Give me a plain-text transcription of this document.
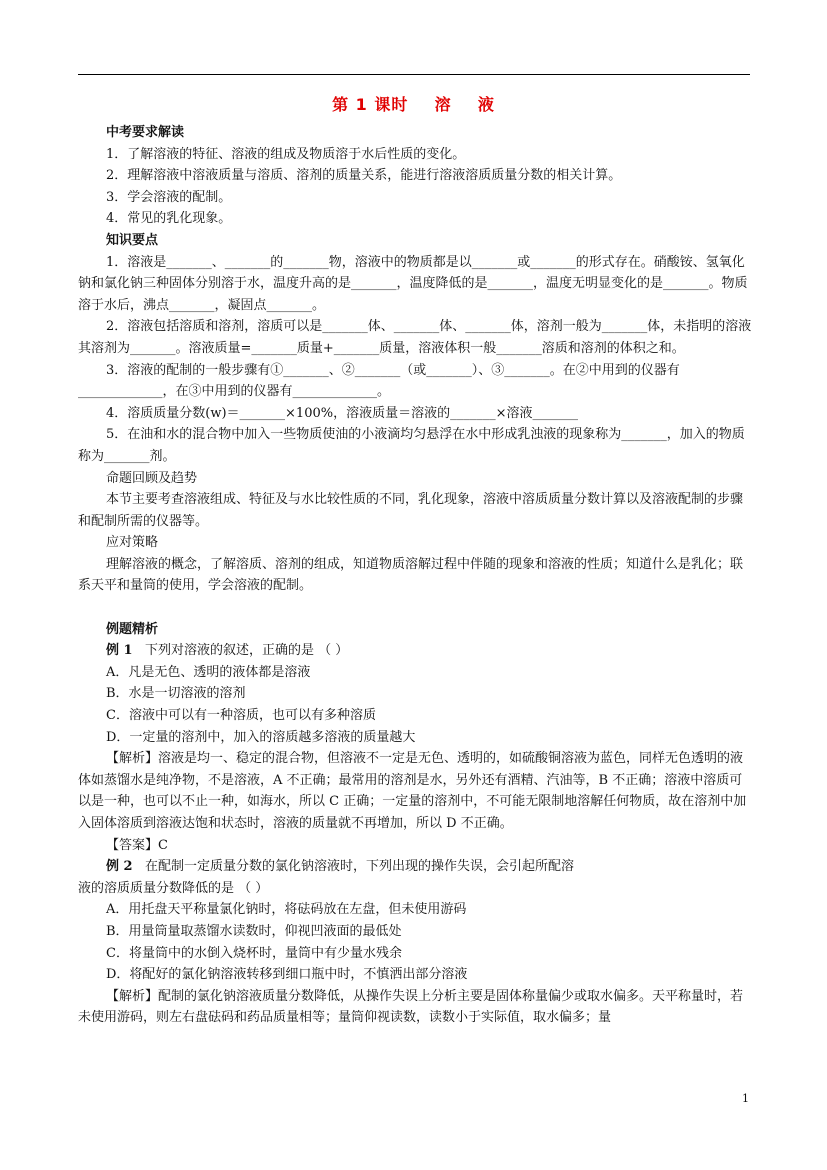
第 1 课时    溶    液

中考要求解读

1．了解溶液的特征、溶液的组成及物质溶于水后性质的变化。

2．理解溶液中溶液质量与溶质、溶剂的质量关系，能进行溶液溶质质量分数的相关计算。

3．学会溶液的配制。

4．常见的乳化现象。

知识要点

1．溶液是_______、_______的_______物，溶液中的物质都是以_______或_______的形式存在。硝酸铵、氢氧化钠和氯化钠三种固体分别溶于水，温度升高的是_______，温度降低的是_______，温度无明显变化的是_______。物质溶于水后，沸点_______，凝固点_______。

2．溶液包括溶质和溶剂，溶质可以是_______体、_______体、_______体，溶剂一般为_______体，未指明的溶液其溶剂为_______。溶液质量=_______质量+_______质量，溶液体积一般_______溶质和溶剂的体积之和。

3．溶液的配制的一般步骤有①_______、②_______（或_______）、③_______。在②中用到的仪器有_____________，在③中用到的仪器有_____________。

4．溶质质量分数(w)＝_______×100%，溶液质量＝溶液的_______×溶液_______

5．在油和水的混合物中加入一些物质使油的小液滴均匀悬浮在水中形成乳浊液的现象称为_______，加入的物质称为_______剂。

命题回顾及趋势

本节主要考查溶液组成、特征及与水比较性质的不同，乳化现象，溶液中溶质质量分数计算以及溶液配制的步骤和配制所需的仪器等。

应对策略

理解溶液的概念，了解溶质、溶剂的组成，知道物质溶解过程中伴随的现象和溶液的性质；知道什么是乳化；联系天平和量筒的使用，学会溶液的配制。

例题精析

例 1 下列对溶液的叙述，正确的是 （ ）

A．凡是无色、透明的液体都是溶液

B．水是一切溶液的溶剂

C．溶液中可以有一种溶质，也可以有多种溶质

D．一定量的溶剂中，加入的溶质越多溶液的质量越大

【解析】溶液是均一、稳定的混合物，但溶液不一定是无色、透明的，如硫酸铜溶液为蓝色，同样无色透明的液体如蒸馏水是纯净物，不是溶液，A 不正确；最常用的溶剂是水，另外还有酒精、汽油等，B 不正确；溶液中溶质可以是一种，也可以不止一种，如海水，所以 C 正确；一定量的溶剂中，不可能无限制地溶解任何物质，故在溶剂中加入固体溶质到溶液达饱和状态时，溶液的质量就不再增加，所以 D 不正确。

【答案】C

例 2 在配制一定质量分数的氯化钠溶液时，下列出现的操作失误，会引起所配溶

液的溶质质量分数降低的是 （ ）

A．用托盘天平称量氯化钠时，将砝码放在左盘，但未使用游码

B．用量筒量取蒸馏水读数时，仰视凹液面的最低处

C．将量筒中的水倒入烧杯时，量筒中有少量水残余

D．将配好的氯化钠溶液转移到细口瓶中时，不慎洒出部分溶液

【解析】配制的氯化钠溶液质量分数降低，从操作失误上分析主要是固体称量偏少或取水偏多。天平称量时，若未使用游码，则左右盘砝码和药品质量相等；量筒仰视读数，读数小于实际值，取水偏多；量

1
